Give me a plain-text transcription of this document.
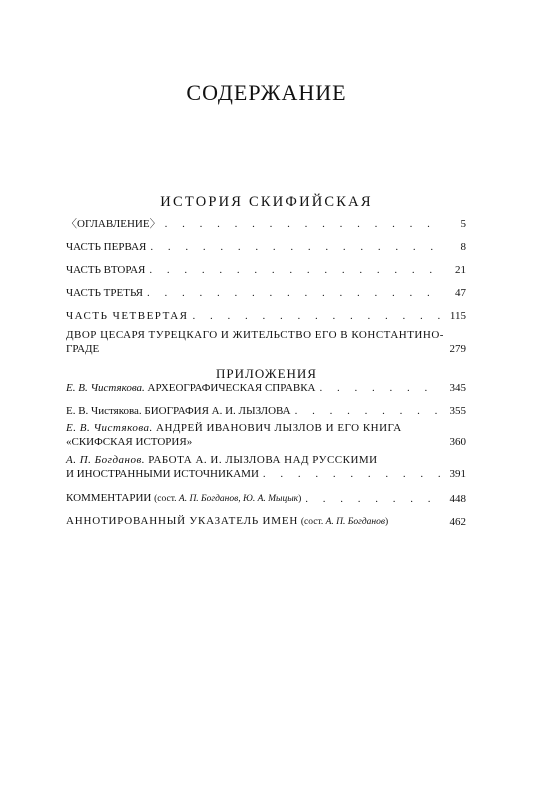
СОДЕРЖАНИЕ
ИСТОРИЯ СКИФИЙСКАЯ
〈ОГЛАВЛЕНИЕ〉 . . .	5
ЧАСТЬ ПЕРВАЯ . . .	8
ЧАСТЬ ВТОРАЯ . . .	21
ЧАСТЬ ТРЕТЬЯ . . .	47
ЧАСТЬ ЧЕТВЕРТАЯ . . .	115
ДВОР ЦЕСАРЯ ТУРЕЦКАГО И ЖИТЕЛЬСТВО ЕГО В КОНСТАНТИНО-
ГРАДЕ	279
ПРИЛОЖЕНИЯ
Е. В. Чистякова. АРХЕОГРАФИЧЕСКАЯ СПРАВКА . . .	345
Е. В. Чистякова. БИОГРАФИЯ А. И. ЛЫЗЛОВА . . .	355
Е. В. Чистякова. АНДРЕЙ ИВАНОВИЧ ЛЫЗЛОВ И ЕГО КНИГА
«СКИФСКАЯ ИСТОРИЯ»	360
А. П. Богданов. РАБОТА А. И. ЛЫЗЛОВА НАД РУССКИМИ
И ИНОСТРАННЫМИ ИСТОЧНИКАМИ . . .	391
КОММЕНТАРИИ (сост. А. П. Богданов, Ю. А. Мыцык) . . .	448
АННОТИРОВАННЫЙ УКАЗАТЕЛЬ ИМЕН (сост. А. П. Богданов)	462
